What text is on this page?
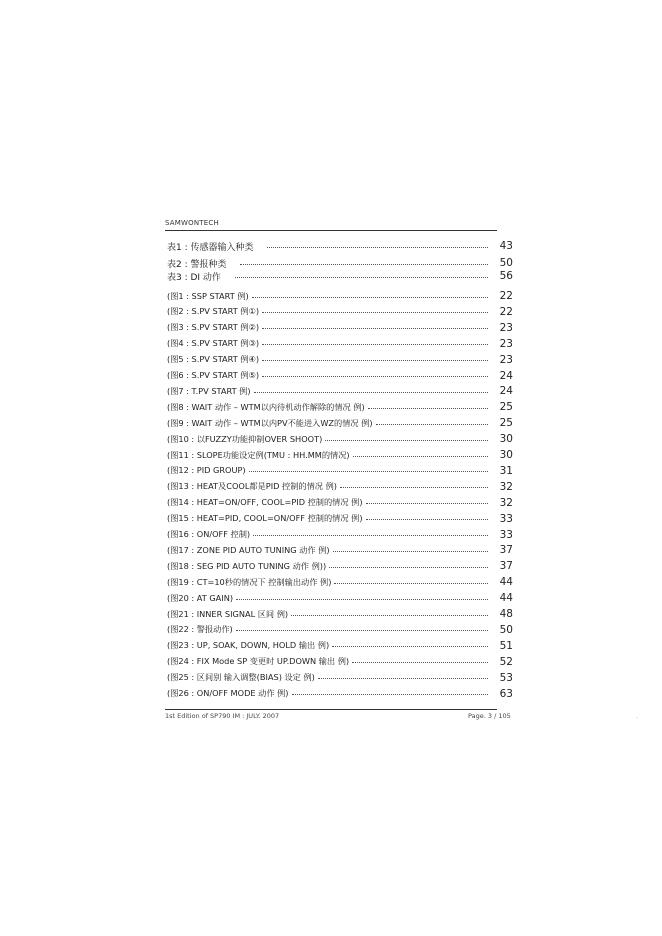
SAMWONTECH
表1 : 传感器输入种类	43
表2 : 警报种类	50
表3 : DI 动作	56
(图1 : SSP START 例)	22
(图2 : S.PV START 例①)	22
(图3 : S.PV START 例②)	23
(图4 : S.PV START 例③)	23
(图5 : S.PV START 例④)	23
(图6 : S.PV START 例⑤)	24
(图7 : T.PV START 例)	24
(图8 : WAIT 动作 – WTM以内待机动作解除的情况 例)	25
(图9 : WAIT 动作 – WTM以内PV不能进入WZ的情况 例)	25
(图10 : 以FUZZY功能抑制OVER SHOOT)	30
(图11 : SLOPE功能设定例(TMU : HH.MM的情况)	30
(图12 : PID GROUP)	31
(图13 : HEAT及COOL都是PID 控制的情况 例)	32
(图14 : HEAT=ON/OFF, COOL=PID 控制的情况 例)	32
(图15 : HEAT=PID, COOL=ON/OFF 控制的情况 例)	33
(图16 : ON/OFF 控制)	33
(图17 : ZONE PID AUTO TUNING 动作 例)	37
(图18 : SEG PID AUTO TUNING 动作 例))	37
(图19 : CT=10秒的情况下 控制输出动作 例)	44
(图20 : AT GAIN)	44
(图21 : INNER SIGNAL 区间 例)	48
(图22 : 警报动作)	50
(图23 : UP, SOAK, DOWN, HOLD 输出 例)	51
(图24 : FIX Mode SP 变更时 UP.DOWN 输出 例)	52
(图25 : 区间别 输入调整(BIAS) 设定 例)	53
(图26 : ON/OFF MODE 动作 例)	63
1st Edition of SP790 IM : JULY. 2007	Page. 3 / 105	.
